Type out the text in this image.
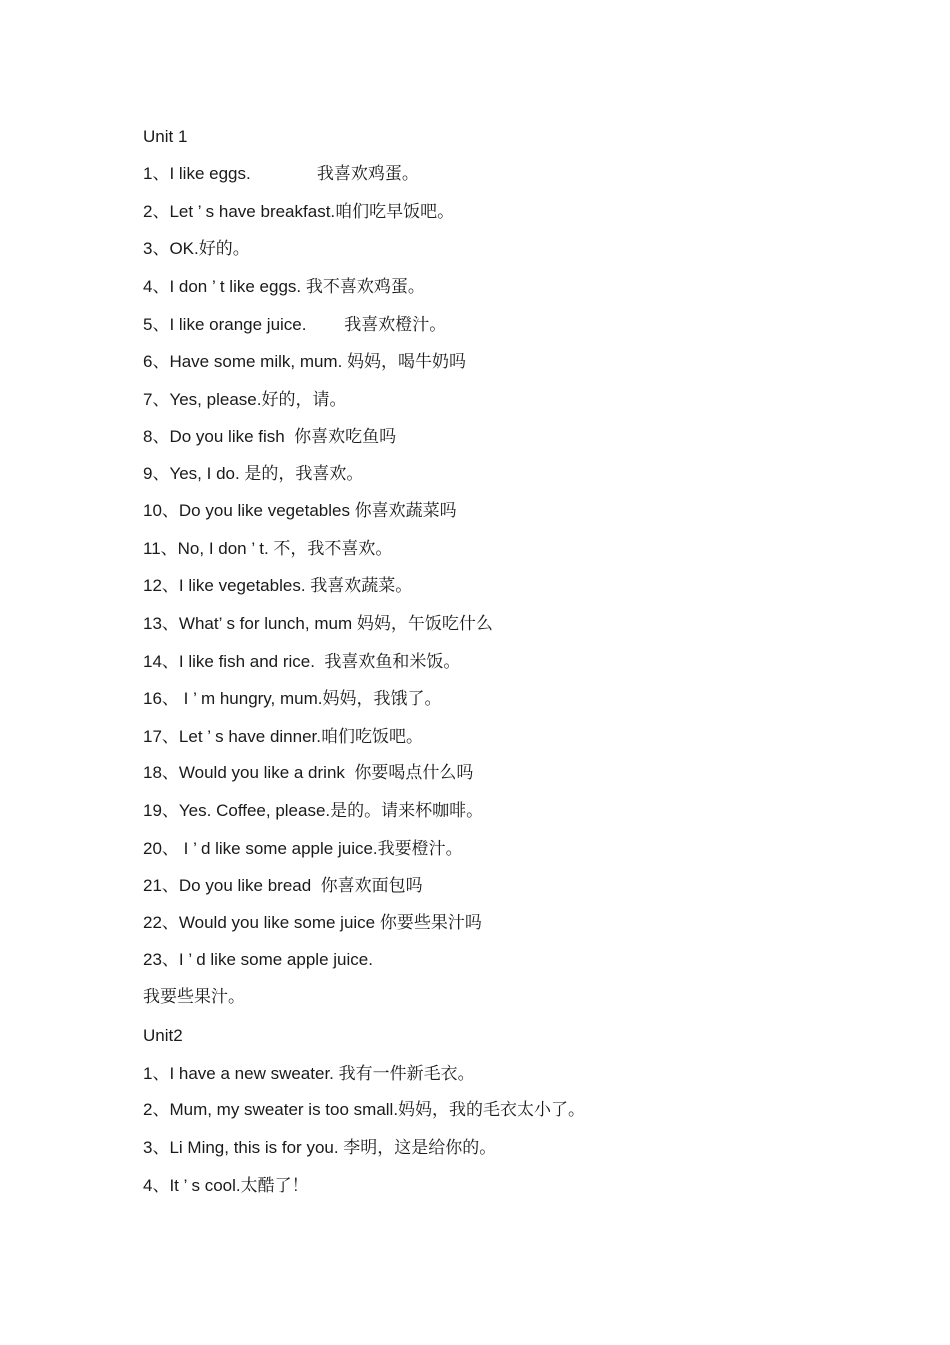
Unit 1
1、I like eggs.              我喜欢鸡蛋。
2、Let ’ s have breakfast.咱们吃早饭吧。
3、OK.好的。
4、I don ’ t like eggs. 我不喜欢鸡蛋。
5、I like orange juice.        我喜欢橙汁。
6、Have some milk, mum. 妈妈，喝牛奶吗
7、Yes, please.好的，请。
8、Do you like fish  你喜欢吃鱼吗
9、Yes, I do. 是的，我喜欢。
10、Do you like vegetables 你喜欢蔬菜吗
11、No, I don ’ t. 不，我不喜欢。
12、I like vegetables. 我喜欢蔬菜。
13、What’ s for lunch, mum 妈妈，午饭吃什么
14、I like fish and rice.  我喜欢鱼和米饭。
16、 I ’ m hungry, mum.妈妈，我饿了。
17、Let ’ s have dinner.咱们吃饭吧。
18、Would you like a drink  你要喝点什么吗
19、Yes. Coffee, please.是的。请来杯咖啡。
20、 I ’ d like some apple juice.我要橙汁。
21、Do you like bread  你喜欢面包吗
22、Would you like some juice 你要些果汁吗
23、I ’ d like some apple juice.
我要些果汁。
Unit2
1、I have a new sweater. 我有一件新毛衣。
2、Mum, my sweater is too small.妈妈，我的毛衣太小了。
3、Li Ming, this is for you. 李明，这是给你的。
4、It ’ s cool.太酷了！
